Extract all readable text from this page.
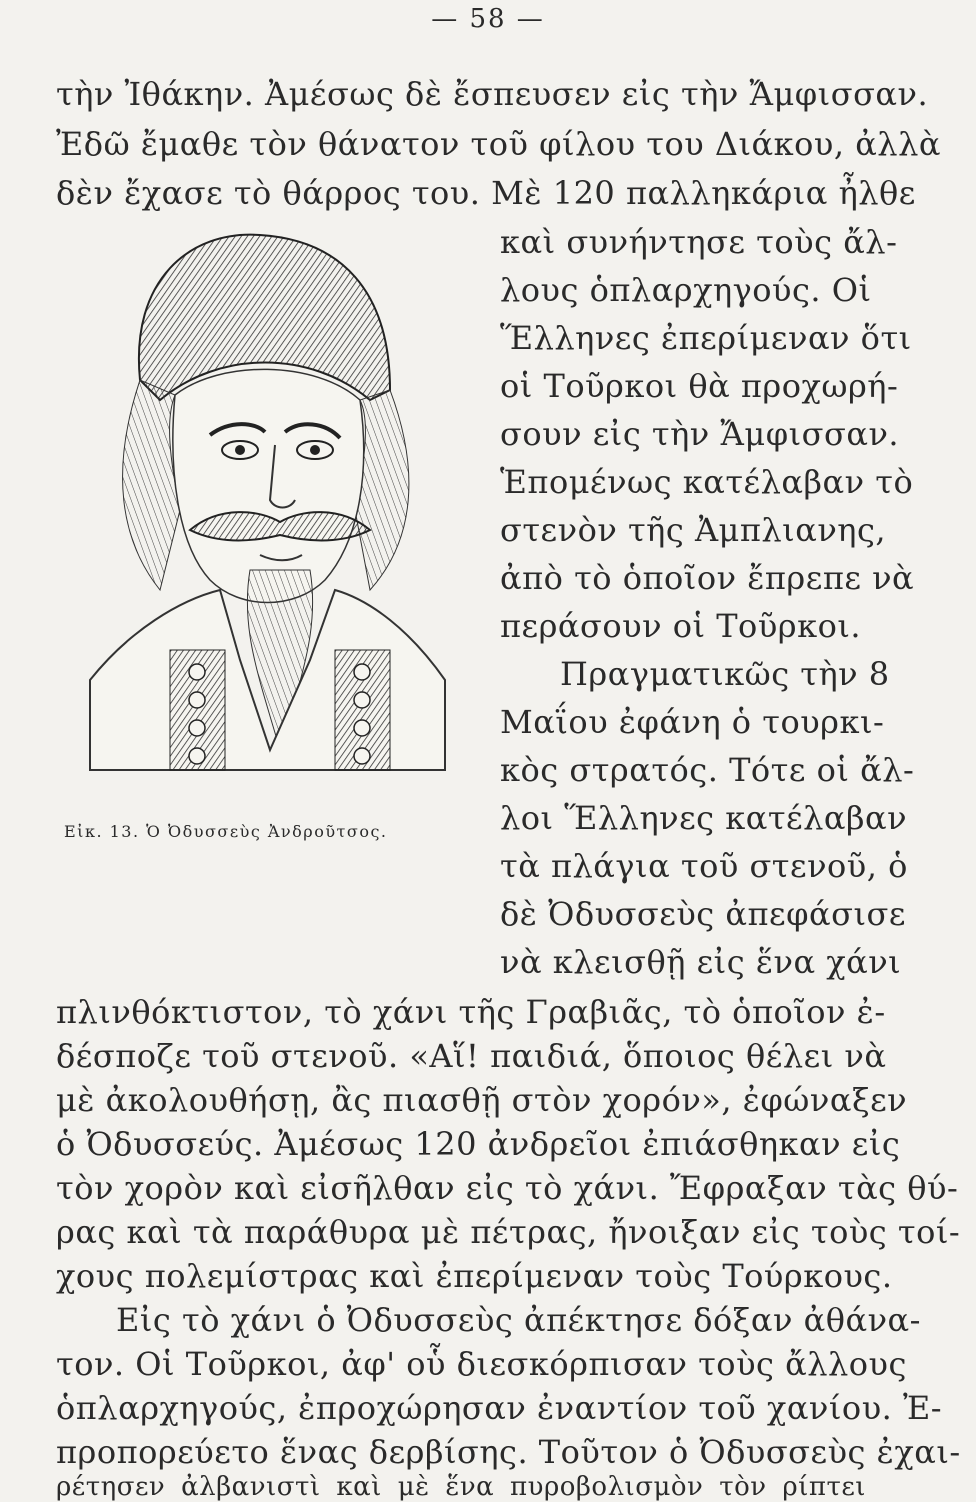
— 58 —
τὴν Ἰθάκην. Ἀμέσως δὲ ἔσπευσεν εἰς τὴν Ἄμφισσαν.
Ἐδῶ ἔμαθε τὸν θάνατον τοῦ φίλου του Διάκου, ἀλλὰ
δὲν ἔχασε τὸ θάρρος του. Μὲ 120 παλληκάρια ἦλθε
καὶ συνήντησε τοὺς ἄλ-
λους ὁπλαρχηγούς. Οἱ
Ἕλληνες ἐπερίμεναν ὅτι
οἱ Τοῦρκοι θὰ προχωρή-
σουν εἰς τὴν Ἄμφισσαν.
Ἑπομένως κατέλαβαν τὸ
στενὸν τῆς Ἀμπλιανης,
ἀπὸ τὸ ὁποῖον ἔπρεπε νὰ
περάσουν οἱ Τοῦρκοι.
Πραγματικῶς τὴν 8
Μαΐου ἐφάνη ὁ τουρκι-
κὸς στρατός. Τότε οἱ ἄλ-
λοι Ἕλληνες κατέλαβαν
τὰ πλάγια τοῦ στενοῦ, ὁ
δὲ Ὀδυσσεὺς ἀπεφάσισε
νὰ κλεισθῇ εἰς ἕνα χάνι
Εἰκ. 13. Ὁ Ὀδυσσεὺς Ἀνδροῦτσος.
πλινθόκτιστον, τὸ χάνι τῆς Γραβιᾶς, τὸ ὁποῖον ἐ-
δέσποζε τοῦ στενοῦ. «Αἵ! παιδιά, ὅποιος θέλει νὰ
μὲ ἀκολουθήσῃ, ἂς πιασθῇ στὸν χορόν», ἐφώναξεν
ὁ Ὀδυσσεύς. Ἀμέσως 120 ἀνδρεῖοι ἐπιάσθηκαν εἰς
τὸν χορὸν καὶ εἰσῆλθαν εἰς τὸ χάνι. Ἔφραξαν τὰς θύ-
ρας καὶ τὰ παράθυρα μὲ πέτρας, ἤνοιξαν εἰς τοὺς τοί-
χους πολεμίστρας καὶ ἐπερίμεναν τοὺς Τούρκους.
Εἰς τὸ χάνι ὁ Ὀδυσσεὺς ἀπέκτησε δόξαν ἀθάνα-
τον. Οἱ Τοῦρκοι, ἀφ' οὗ διεσκόρπισαν τοὺς ἄλλους
ὁπλαρχηγούς, ἐπροχώρησαν ἐναντίον τοῦ χανίου. Ἐ-
προπορεύετο ἕνας δερβίσης. Τοῦτον ὁ Ὀδυσσεὺς ἐχαι-
ρέτησεν ἀλβανιστὶ καὶ μὲ ἕνα πυροβολισμὸν τὸν ρίπτει
